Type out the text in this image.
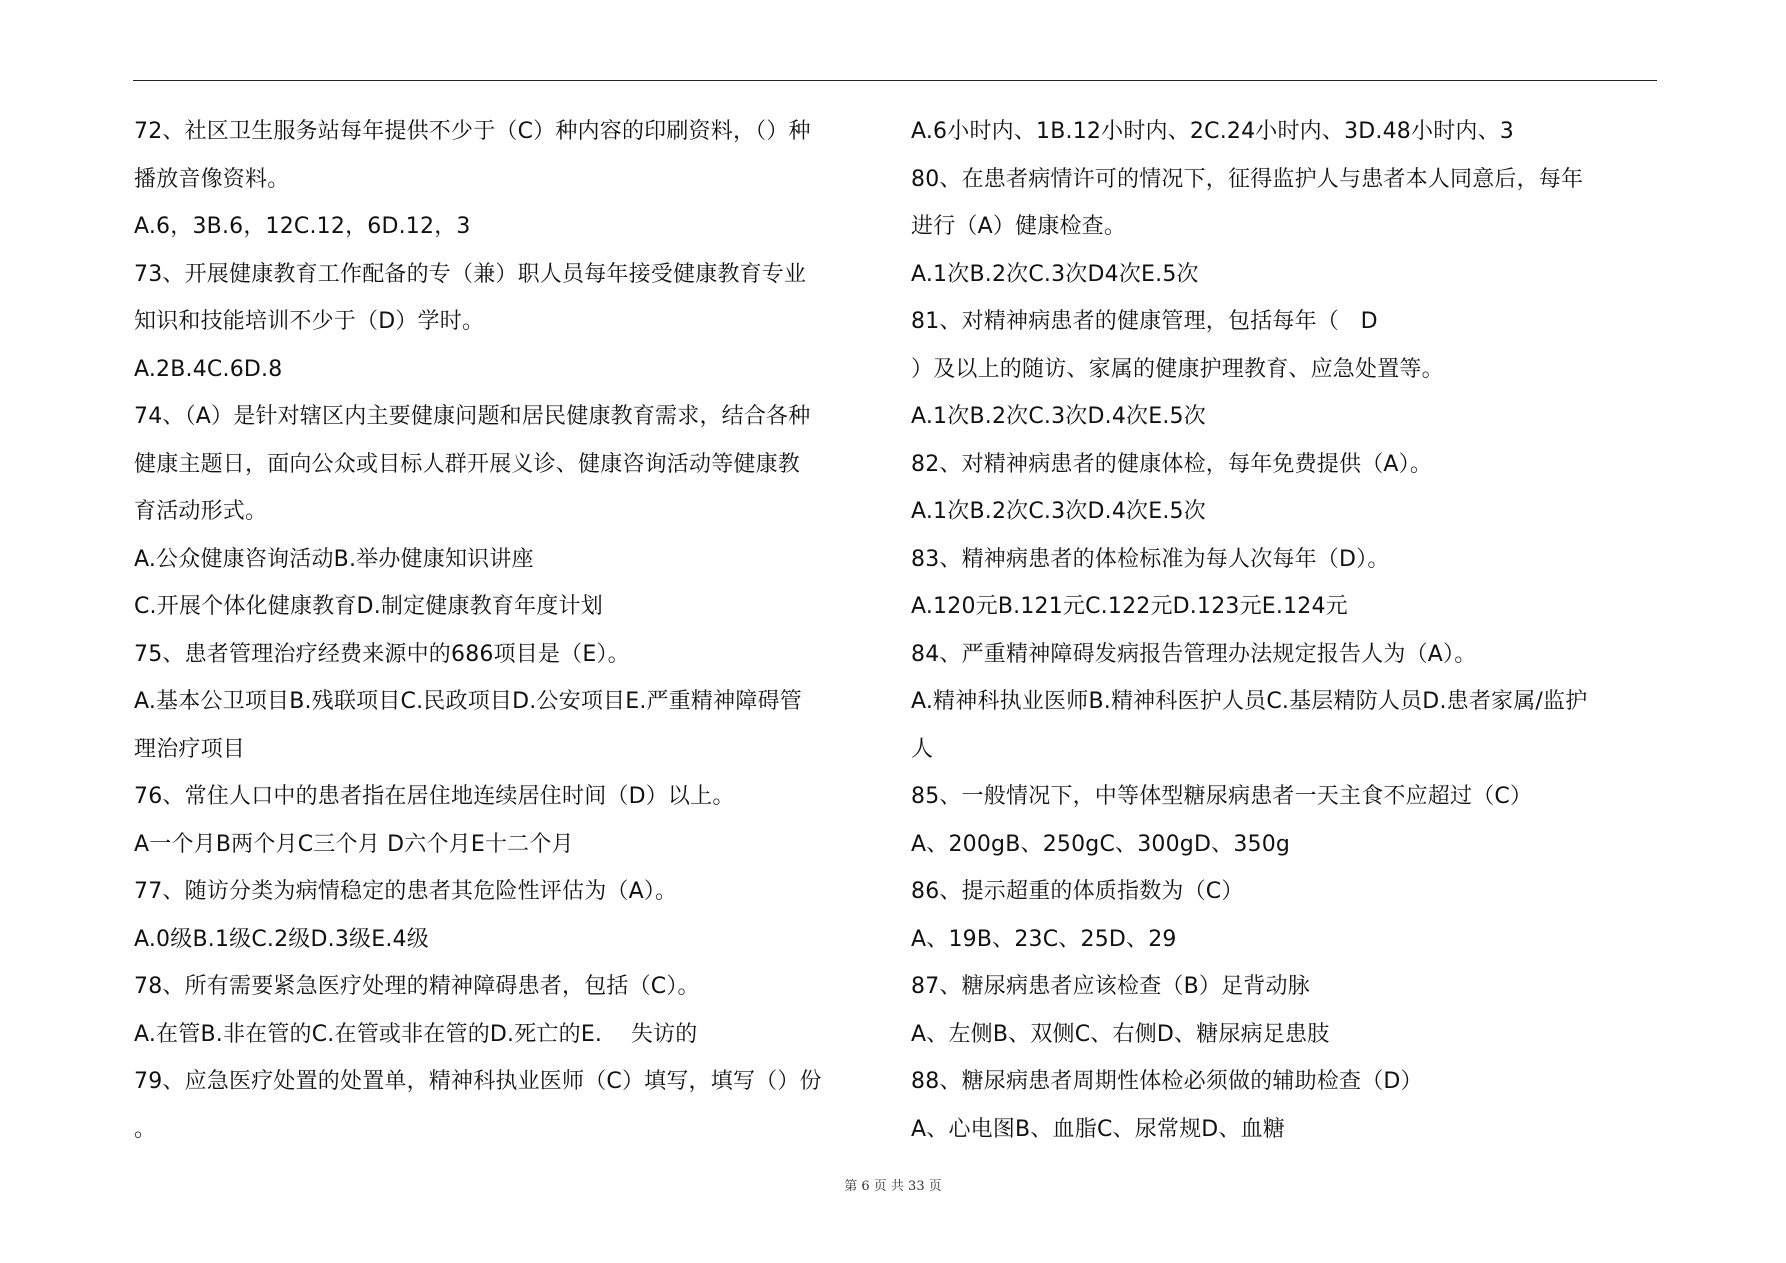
72、社区卫生服务站每年提供不少于（C）种内容的印刷资料，（）种
播放音像资料。
A.6，3B.6，12C.12，6D.12，3
73、开展健康教育工作配备的专（兼）职人员每年接受健康教育专业
知识和技能培训不少于（D）学时。
A.2B.4C.6D.8
74、（A）是针对辖区内主要健康问题和居民健康教育需求，结合各种
健康主题日，面向公众或目标人群开展义诊、健康咨询活动等健康教
育活动形式。
A.公众健康咨询活动B.举办健康知识讲座
C.开展个体化健康教育D.制定健康教育年度计划
75、患者管理治疗经费来源中的686项目是（E）。
A.基本公卫项目B.残联项目C.民政项目D.公安项目E.严重精神障碍管
理治疗项目
76、常住人口中的患者指在居住地连续居住时间（D）以上。
A一个月B两个月C三个月 D六个月E十二个月
77、随访分类为病情稳定的患者其危险性评估为（A）。
A.0级B.1级C.2级D.3级E.4级
78、所有需要紧急医疗处理的精神障碍患者，包括（C）。
A.在管B.非在管的C.在管或非在管的D.死亡的E.    失访的
79、应急医疗处置的处置单，精神科执业医师（C）填写，填写（）份
。
A.6小时内、1B.12小时内、2C.24小时内、3D.48小时内、3
80、在患者病情许可的情况下，征得监护人与患者本人同意后，每年
进行（A）健康检查。
A.1次B.2次C.3次D4次E.5次
81、对精神病患者的健康管理，包括每年（   D
）及以上的随访、家属的健康护理教育、应急处置等。
A.1次B.2次C.3次D.4次E.5次
82、对精神病患者的健康体检，每年免费提供（A）。
A.1次B.2次C.3次D.4次E.5次
83、精神病患者的体检标准为每人次每年（D）。
A.120元B.121元C.122元D.123元E.124元
84、严重精神障碍发病报告管理办法规定报告人为（A）。
A.精神科执业医师B.精神科医护人员C.基层精防人员D.患者家属/监护
人
85、一般情况下，中等体型糖尿病患者一天主食不应超过（C）
A、200gB、250gC、300gD、350g
86、提示超重的体质指数为（C）
A、19B、23C、25D、29
87、糖尿病患者应该检查（B）足背动脉
A、左侧B、双侧C、右侧D、糖尿病足患肢
88、糖尿病患者周期性体检必须做的辅助检查（D）
A、心电图B、血脂C、尿常规D、血糖
第 6 页 共 33 页
